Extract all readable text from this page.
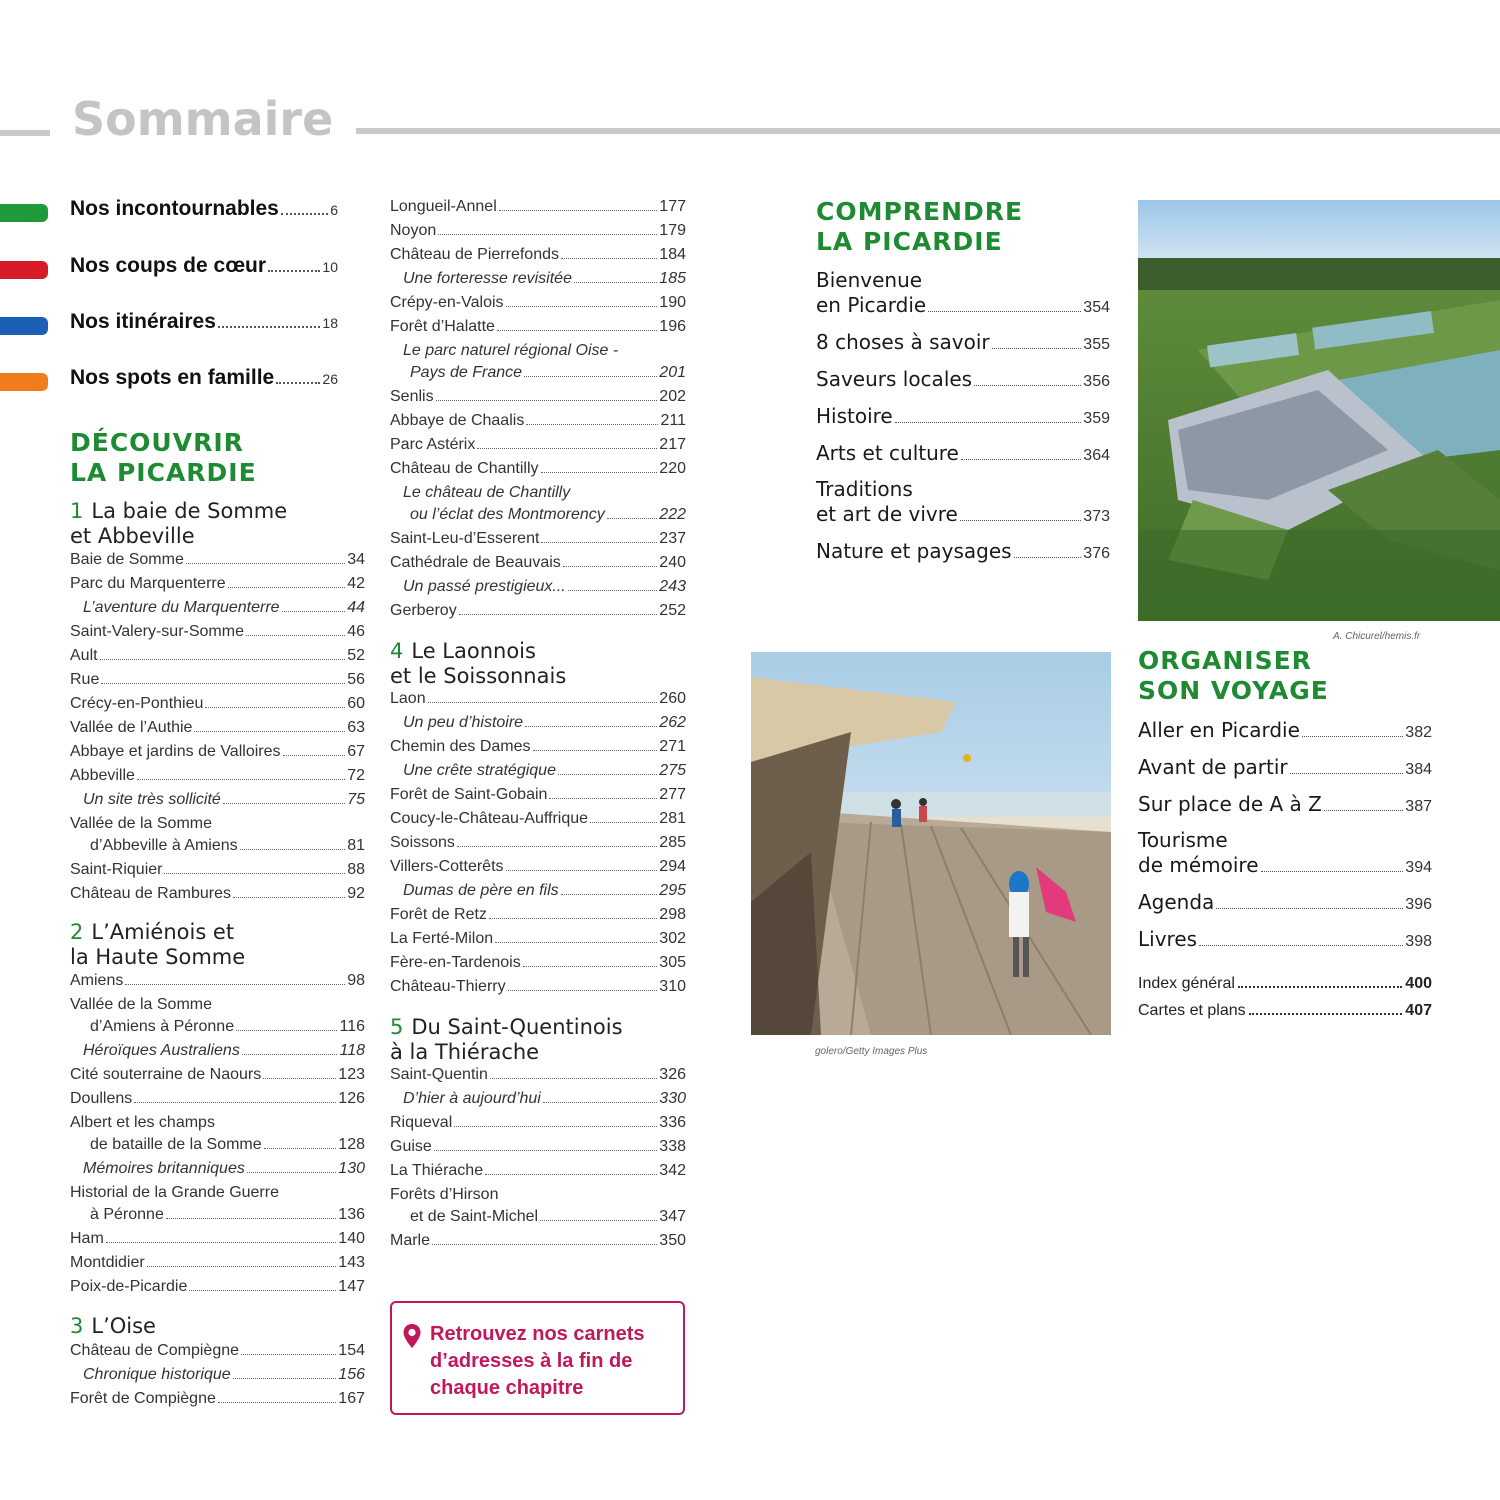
Sommaire
Nos incontournables	6
Nos coups de cœur	10
Nos itinéraires	18
Nos spots en famille	26
DÉCOUVRIR
LA PICARDIE
1 La baie de Somme
et Abbeville
Baie de Somme	34
Parc du Marquenterre	42
L’aventure du Marquenterre	44
Saint-Valery-sur-Somme	46
Ault	52
Rue	56
Crécy-en-Ponthieu	60
Vallée de l’Authie	63
Abbaye et jardins de Valloires	67
Abbeville	72
Un site très sollicité	75
Vallée de la Somme
d’Abbeville à Amiens	81
Saint-Riquier	88
Château de Rambures	92
2 L’Amiénois et
la Haute Somme
Amiens	98
Vallée de la Somme
d’Amiens à Péronne	116
Héroïques Australiens	118
Cité souterraine de Naours	123
Doullens	126
Albert et les champs
de bataille de la Somme	128
Mémoires britanniques	130
Historial de la Grande Guerre
à Péronne	136
Ham	140
Montdidier	143
Poix-de-Picardie	147
3 L’Oise
Château de Compiègne	154
Chronique historique	156
Forêt de Compiègne	167
Longueil-Annel	177
Noyon	179
Château de Pierrefonds	184
Une forteresse revisitée	185
Crépy-en-Valois	190
Forêt d’Halatte	196
Le parc naturel régional Oise -
Pays de France	201
Senlis	202
Abbaye de Chaalis	211
Parc Astérix	217
Château de Chantilly	220
Le château de Chantilly
ou l’éclat des Montmorency	222
Saint-Leu-d’Esserent	237
Cathédrale de Beauvais	240
Un passé prestigieux...	243
Gerberoy	252
4 Le Laonnois
et le Soissonnais
Laon	260
Un peu d’histoire	262
Chemin des Dames	271
Une crête stratégique	275
Forêt de Saint-Gobain	277
Coucy-le-Château-Auffrique	281
Soissons	285
Villers-Cotterêts	294
Dumas de père en fils	295
Forêt de Retz	298
La Ferté-Milon	302
Fère-en-Tardenois	305
Château-Thierry	310
5 Du Saint-Quentinois
à la Thiérache
Saint-Quentin	326
D’hier à aujourd’hui	330
Riqueval	336
Guise	338
La Thiérache	342
Forêts d’Hirson
et de Saint-Michel	347
Marle	350
Retrouvez nos carnets d’adresses à la fin de chaque chapitre
COMPRENDRE
LA PICARDIE
Bienvenue
en Picardie	354
8 choses à savoir	355
Saveurs locales	356
Histoire	359
Arts et culture	364
Traditions
et art de vivre	373
Nature et paysages	376
A. Chicurel/hemis.fr
golero/Getty Images Plus
ORGANISER
SON VOYAGE
Aller en Picardie	382
Avant de partir	384
Sur place de A à Z	387
Tourisme
de mémoire	394
Agenda	396
Livres	398
Index général	400
Cartes et plans	407
